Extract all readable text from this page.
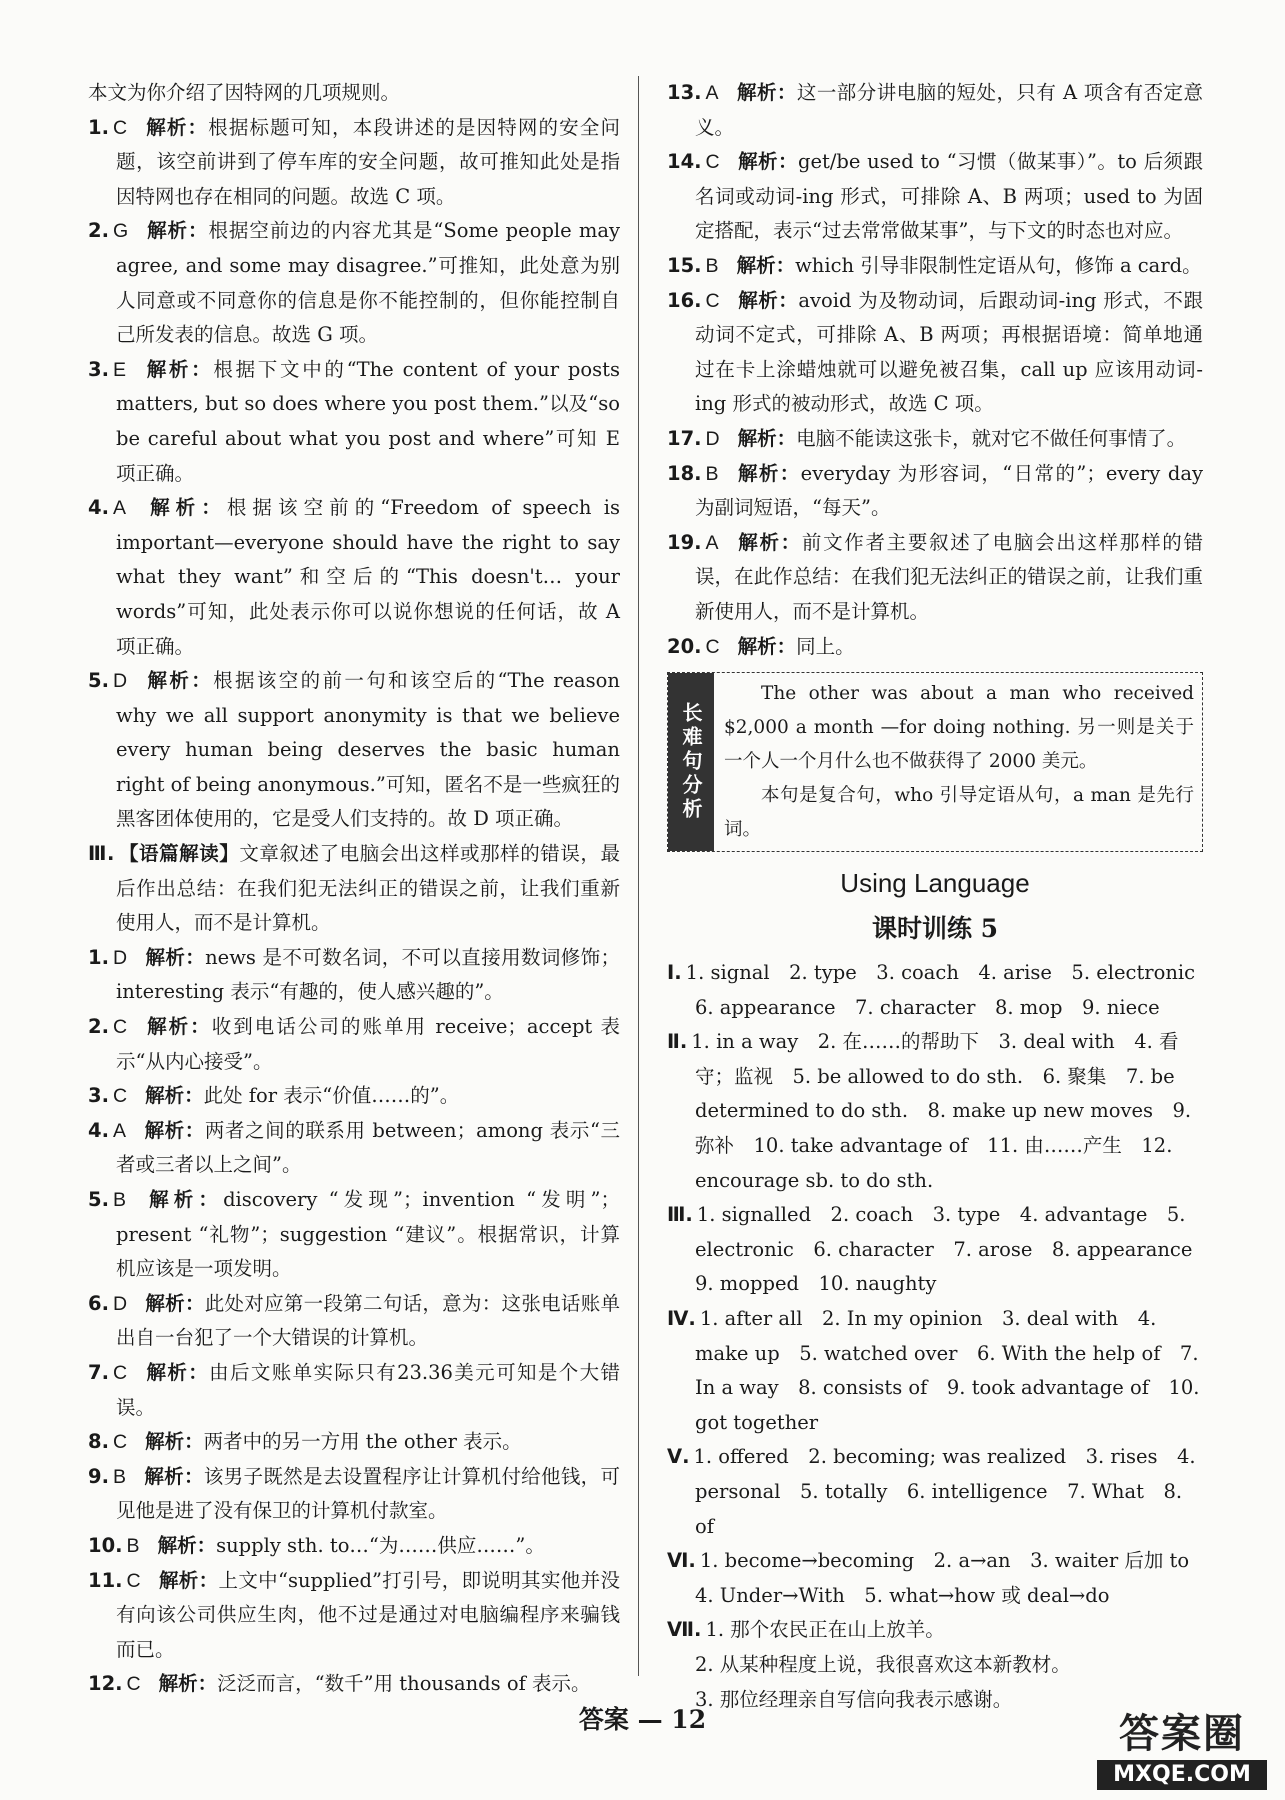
本文为你介绍了因特网的几项规则。

1. C 解析：根据标题可知，本段讲述的是因特网的安全问题，该空前讲到了停车库的安全问题，故可推知此处是指因特网也存在相同的问题。故选 C 项。

2. G 解析：根据空前边的内容尤其是“Some people may agree, and some may disagree.”可推知，此处意为别人同意或不同意你的信息是你不能控制的，但你能控制自己所发表的信息。故选 G 项。

3. E 解析：根据下文中的“The content of your posts matters, but so does where you post them.”以及“so be careful about what you post and where”可知 E 项正确。

4. A 解析：根据该空前的“Freedom of speech is important—everyone should have the right to say what they want”和空后的“This doesn't… your words”可知，此处表示你可以说你想说的任何话，故 A 项正确。

5. D 解析：根据该空的前一句和该空后的“The reason why we all support anonymity is that we believe every human being deserves the basic human right of being anonymous.”可知，匿名不是一些疯狂的黑客团体使用的，它是受人们支持的。故 D 项正确。

Ⅲ. 【语篇解读】文章叙述了电脑会出这样或那样的错误，最后作出总结：在我们犯无法纠正的错误之前，让我们重新使用人，而不是计算机。

1. D 解析：news 是不可数名词，不可以直接用数词修饰；interesting 表示“有趣的，使人感兴趣的”。

2. C 解析：收到电话公司的账单用 receive；accept 表示“从内心接受”。

3. C 解析：此处 for 表示“价值……的”。

4. A 解析：两者之间的联系用 between；among 表示“三者或三者以上之间”。

5. B 解析：discovery “发现”；invention “发明”；present “礼物”；suggestion “建议”。根据常识，计算机应该是一项发明。

6. D 解析：此处对应第一段第二句话，意为：这张电话账单出自一台犯了一个大错误的计算机。

7. C 解析：由后文账单实际只有23.36美元可知是个大错误。

8. C 解析：两者中的另一方用 the other 表示。

9. B 解析：该男子既然是去设置程序让计算机付给他钱，可见他是进了没有保卫的计算机付款室。

10. B 解析：supply sth. to…“为……供应……”。

11. C 解析：上文中“supplied”打引号，即说明其实他并没有向该公司供应生肉，他不过是通过对电脑编程序来骗钱而已。

12. C 解析：泛泛而言，“数千”用 thousands of 表示。

13. A 解析：这一部分讲电脑的短处，只有 A 项含有否定意义。

14. C 解析：get/be used to “习惯（做某事）”。to 后须跟名词或动词-ing 形式，可排除 A、B 两项；used to 为固定搭配，表示“过去常常做某事”，与下文的时态也对应。

15. B 解析：which 引导非限制性定语从句，修饰 a card。

16. C 解析：avoid 为及物动词，后跟动词-ing 形式，不跟动词不定式，可排除 A、B 两项；再根据语境：简单地通过在卡上涂蜡烛就可以避免被召集，call up 应该用动词-ing 形式的被动形式，故选 C 项。

17. D 解析：电脑不能读这张卡，就对它不做任何事情了。

18. B 解析：everyday 为形容词，“日常的”；every day 为副词短语，“每天”。

19. A 解析：前文作者主要叙述了电脑会出这样那样的错误，在此作总结：在我们犯无法纠正的错误之前，让我们重新使用人，而不是计算机。

20. C 解析：同上。

长难句分析

The other was about a man who received $2,000 a month —for doing nothing. 另一则是关于一个人一个月什么也不做获得了 2000 美元。

本句是复合句，who 引导定语从句，a man 是先行词。

Using Language
课时训练 5

Ⅰ. 1. signal　2. type　3. coach　4. arise　5. electronic　6. appearance　7. character　8. mop　9. niece

Ⅱ. 1. in a way　2. 在……的帮助下　3. deal with　4. 看守；监视　5. be allowed to do sth.　6. 聚集　7. be determined to do sth.　8. make up new moves　9. 弥补　10. take advantage of　11. 由……产生　12. encourage sb. to do sth.

Ⅲ. 1. signalled　2. coach　3. type　4. advantage　5. electronic　6. character　7. arose　8. appearance　9. mopped　10. naughty

Ⅳ. 1. after all　2. In my opinion　3. deal with　4. make up　5. watched over　6. With the help of　7. In a way　8. consists of　9. took advantage of　10. got together

Ⅴ. 1. offered　2. becoming; was realized　3. rises　4. personal　5. totally　6. intelligence　7. What　8. of

Ⅵ. 1. become→becoming　2. a→an　3. waiter 后加 to　4. Under→With　5. what→how 或 deal→do

Ⅶ. 1. 那个农民正在山上放羊。

2. 从某种程度上说，我很喜欢这本新教材。

3. 那位经理亲自写信向我表示感谢。

答案 — 12	答案圈
MXQE.COM
